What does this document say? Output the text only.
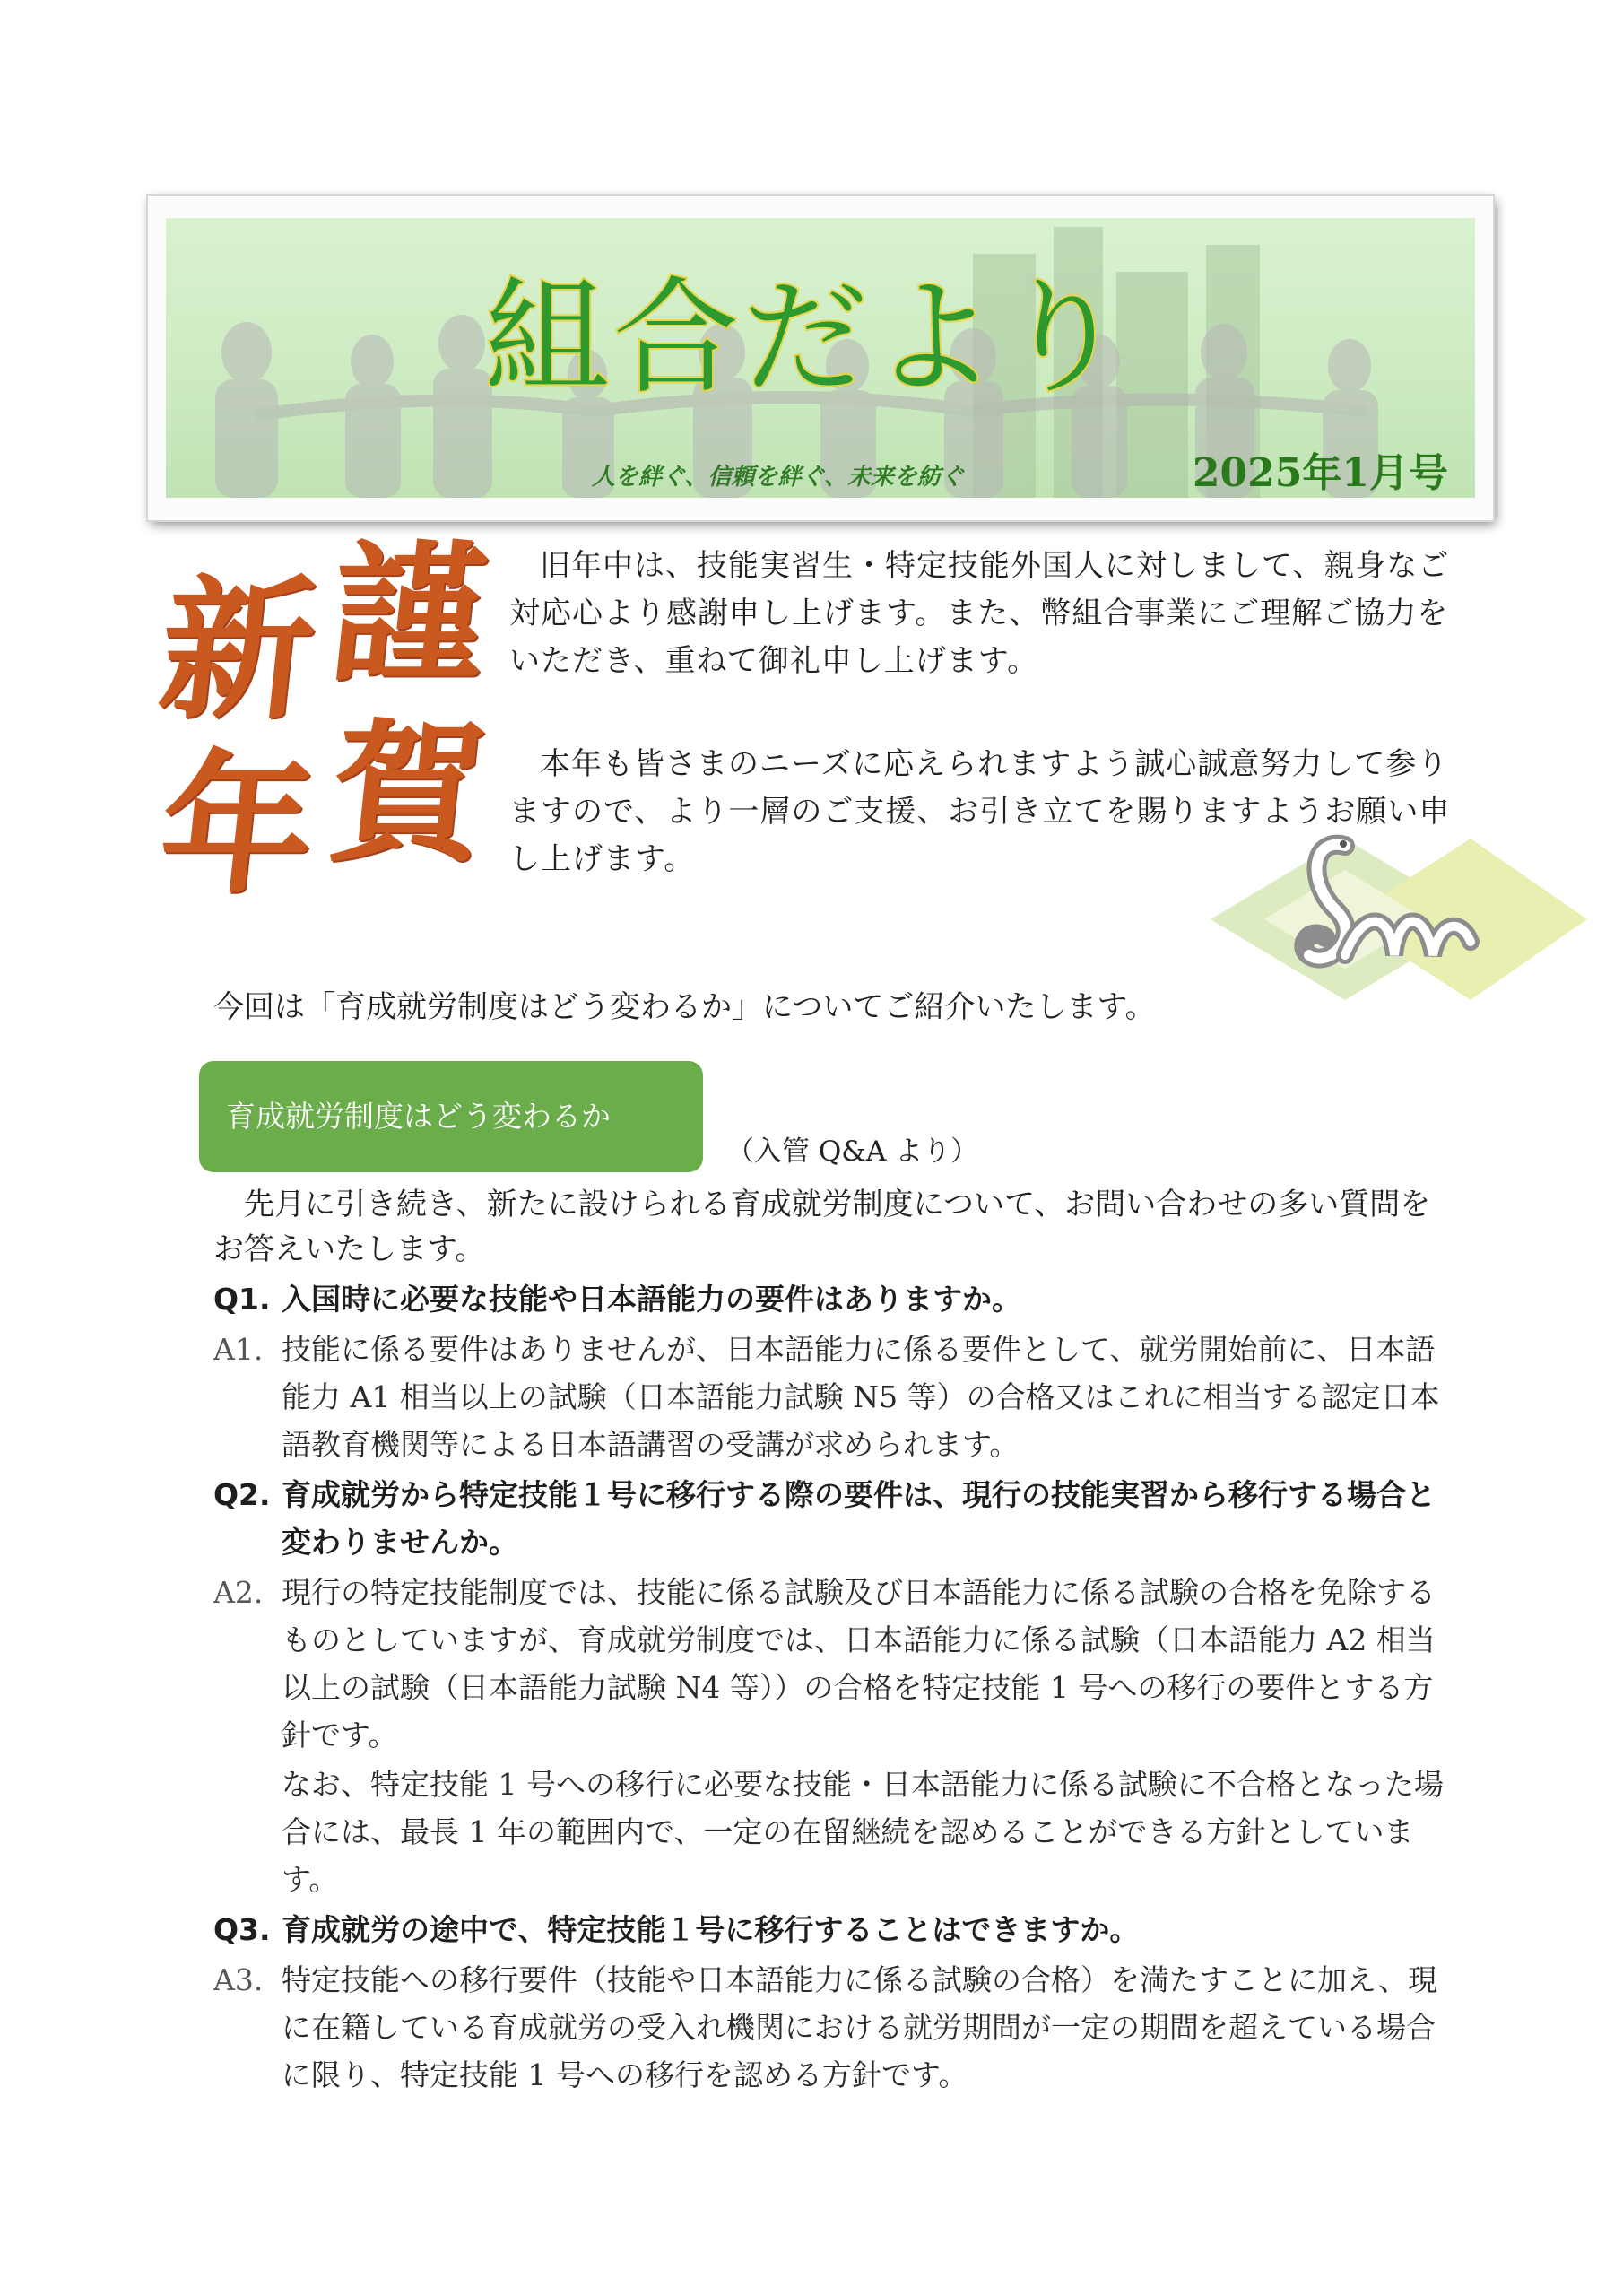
組合だより
人を絆ぐ、信頼を絆ぐ、未来を紡ぐ	2025年1月号
謹
賀
新
年
旧年中は、技能実習生・特定技能外国人に対しまして、親身なご対応心より感謝申し上げます。また、幣組合事業にご理解ご協力をいただき、重ねて御礼申し上げます。
本年も皆さまのニーズに応えられますよう誠心誠意努力して参りますので、より一層のご支援、お引き立てを賜りますようお願い申し上げます。
今回は「育成就労制度はどう変わるか」についてご紹介いたします。
育成就労制度はどう変わるか
（入管 Q&A より）
先月に引き続き、新たに設けられる育成就労制度について、お問い合わせの多い質問をお答えいたします。
Q1. 入国時に必要な技能や日本語能力の要件はありますか。
A1. 技能に係る要件はありませんが、日本語能力に係る要件として、就労開始前に、日本語能力 A1 相当以上の試験（日本語能力試験 N5 等）の合格又はこれに相当する認定日本語教育機関等による日本語講習の受講が求められます。
Q2. 育成就労から特定技能１号に移行する際の要件は、現行の技能実習から移行する場合と変わりませんか。
A2. 現行の特定技能制度では、技能に係る試験及び日本語能力に係る試験の合格を免除するものとしていますが、育成就労制度では、日本語能力に係る試験（日本語能力 A2 相当以上の試験（日本語能力試験 N4 等））の合格を特定技能 1 号への移行の要件とする方針です。
なお、特定技能 1 号への移行に必要な技能・日本語能力に係る試験に不合格となった場合には、最長 1 年の範囲内で、一定の在留継続を認めることができる方針としています。
Q3. 育成就労の途中で、特定技能１号に移行することはできますか。
A3. 特定技能への移行要件（技能や日本語能力に係る試験の合格）を満たすことに加え、現に在籍している育成就労の受入れ機関における就労期間が一定の期間を超えている場合に限り、特定技能 1 号への移行を認める方針です。
